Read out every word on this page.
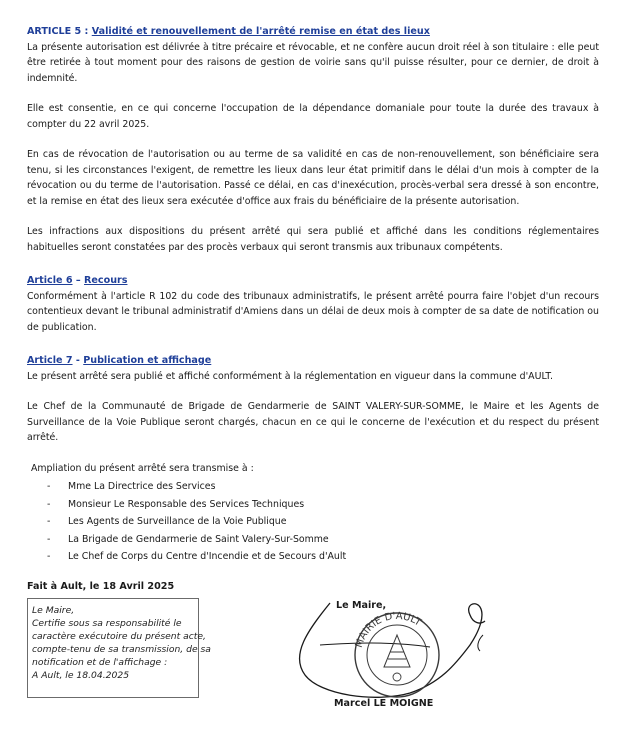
ARTICLE 5 : Validité et renouvellement de l'arrêté remise en état des lieux

La présente autorisation est délivrée à titre précaire et révocable, et ne confère aucun droit réel à son titulaire : elle peut être retirée à tout moment pour des raisons de gestion de voirie sans qu'il puisse résulter, pour ce dernier, de droit à indemnité.

Elle est consentie, en ce qui concerne l'occupation de la dépendance domaniale pour toute la durée des travaux à compter du 22 avril 2025.

En cas de révocation de l'autorisation ou au terme de sa validité en cas de non-renouvellement, son bénéficiaire sera tenu, si les circonstances l'exigent, de remettre les lieux dans leur état primitif dans le délai d'un mois à compter de la révocation ou du terme de l'autorisation. Passé ce délai, en cas d'inexécution, procès-verbal sera dressé à son encontre, et la remise en état des lieux sera exécutée d'office aux frais du bénéficiaire de la présente autorisation.

Les infractions aux dispositions du présent arrêté qui sera publié et affiché dans les conditions réglementaires habituelles seront constatées par des procès verbaux qui seront transmis aux tribunaux compétents.

Article 6 – Recours

Conformément à l'article R 102 du code des tribunaux administratifs, le présent arrêté pourra faire l'objet d'un recours contentieux devant le tribunal administratif d'Amiens dans un délai de deux mois à compter de sa date de notification ou de publication.

Article 7 - Publication et affichage

Le présent arrêté sera publié et affiché conformément à la réglementation en vigueur dans la commune d'AULT.

Le Chef de la Communauté de Brigade de Gendarmerie de SAINT VALERY-SUR-SOMME, le Maire et les Agents de Surveillance de la Voie Publique seront chargés, chacun en ce qui le concerne de l'exécution et du respect du présent arrêté.

Ampliation du présent arrêté sera transmise à :

- Mme La Directrice des Services
- Monsieur Le Responsable des Services Techniques
- Les Agents de Surveillance de la Voie Publique
- La Brigade de Gendarmerie de Saint Valery-Sur-Somme
- Le Chef de Corps du Centre d'Incendie et de Secours d'Ault
Fait à Ault, le 18 Avril 2025
Le Maire,
Certifie sous sa responsabilité le
caractère exécutoire du présent acte,
compte-tenu de sa transmission, de sa
notification et de l'affichage :
A Ault, le 18.04.2025
MAIRIE D'AULT
Le Maire,
Marcel LE MOIGNE
